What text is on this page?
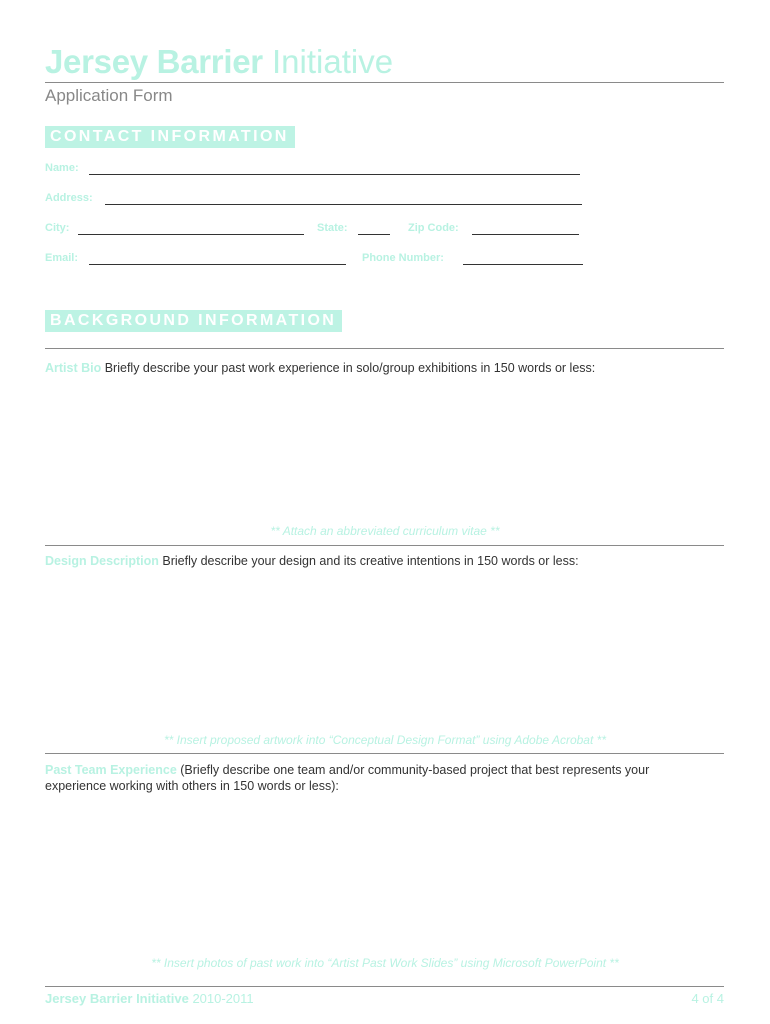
Jersey Barrier Initiative
Application Form
CONTACT INFORMATION
Name:
Address:
City:	State:	Zip Code:
Email:	Phone Number:
BACKGROUND INFORMATION
Artist Bio Briefly describe your past work experience in solo/group exhibitions in 150 words or less:
** Attach an abbreviated curriculum vitae **
Design Description Briefly describe your design and its creative intentions in 150 words or less:
** Insert proposed artwork into “Conceptual Design Format” using Adobe Acrobat **
Past Team Experience (Briefly describe one team and/or community-based project that best represents your
experience working with others in 150 words or less):
** Insert photos of past work into “Artist Past Work Slides” using Microsoft PowerPoint **
Jersey Barrier Initiative 2010-2011	4 of 4
